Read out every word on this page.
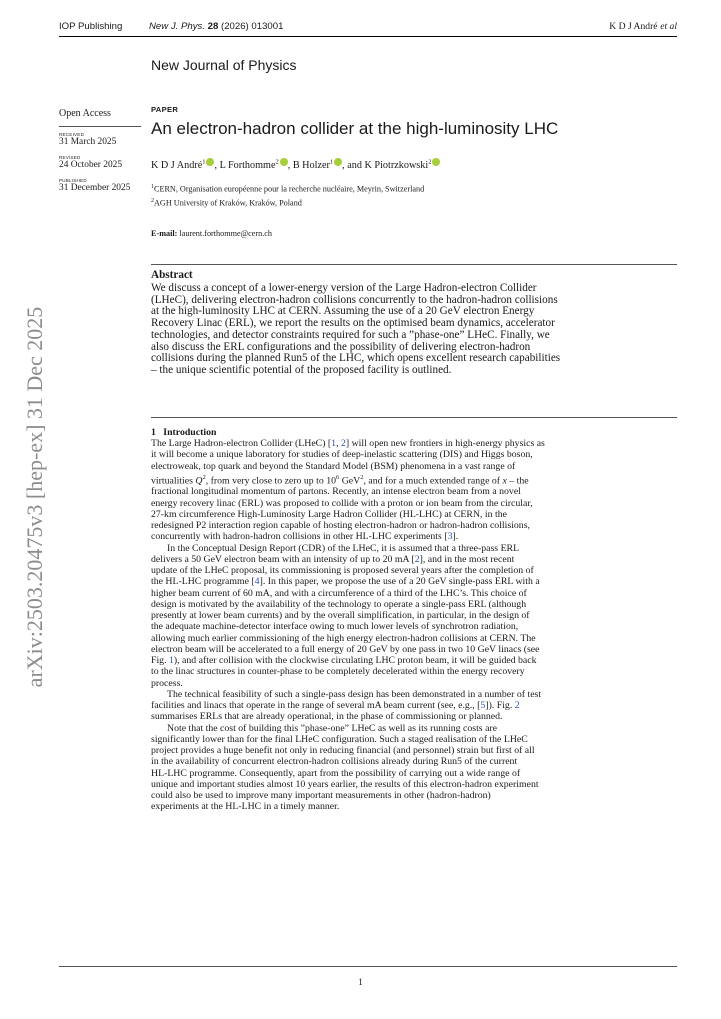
IOP Publishing	New J. Phys. 28 (2026) 013001	K D J André et al
New Journal of Physics
Open Access
RECEIVED
31 March 2025
REVISED
24 October 2025
PUBLISHED
31 December 2025
PAPER
An electron-hadron collider at the high-luminosity LHC
K D J André$^1$ , L Forthomme$^2$ , B Holzer$^1$ , and K Piotrzkowski$^2$
$^1$CERN, Organisation européenne pour la recherche nucléaire, Meyrin, Switzerland
$^2$AGH University of Kraków, Kraków, Poland
E-mail: laurent.forthomme@cern.ch
Abstract
We discuss a concept of a lower-energy version of the Large Hadron-electron Collider
(LHeC), delivering electron-hadron collisions concurrently to the hadron-hadron collisions
at the high-luminosity LHC at CERN. Assuming the use of a 20 GeV electron Energy
Recovery Linac (ERL), we report the results on the optimised beam dynamics, accelerator
technologies, and detector constraints required for such a ”phase-one” LHeC. Finally, we
also discuss the ERL configurations and the possibility of delivering electron-hadron
collisions during the planned Run5 of the LHC, which opens excellent research capabilities
– the unique scientific potential of the proposed facility is outlined.
1 Introduction
The Large Hadron-electron Collider (LHeC) [1, 2] will open new frontiers in high-energy physics as
it will become a unique laboratory for studies of deep-inelastic scattering (DIS) and Higgs boson,
electroweak, top quark and beyond the Standard Model (BSM) phenomena in a vast range of
virtualities $Q^2$, from very close to zero up to $10^6$ GeV$^2$, and for a much extended range of x – the
fractional longitudinal momentum of partons. Recently, an intense electron beam from a novel
energy recovery linac (ERL) was proposed to collide with a proton or ion beam from the circular,
27-km circumference High-Luminosity Large Hadron Collider (HL-LHC) at CERN, in the
redesigned P2 interaction region capable of hosting electron-hadron or hadron-hadron collisions,
concurrently with hadron-hadron collisions in other HL-LHC experiments [3].
In the Conceptual Design Report (CDR) of the LHeC, it is assumed that a three-pass ERL
delivers a 50 GeV electron beam with an intensity of up to 20 mA [2], and in the most recent
update of the LHeC proposal, its commissioning is proposed several years after the completion of
the HL-LHC programme [4]. In this paper, we propose the use of a 20 GeV single-pass ERL with a
higher beam current of 60 mA, and with a circumference of a third of the LHC’s. This choice of
design is motivated by the availability of the technology to operate a single-pass ERL (although
presently at lower beam currents) and by the overall simplification, in particular, in the design of
the adequate machine-detector interface owing to much lower levels of synchrotron radiation,
allowing much earlier commissioning of the high energy electron-hadron collisions at CERN. The
electron beam will be accelerated to a full energy of 20 GeV by one pass in two 10 GeV linacs (see
Fig. 1), and after collision with the clockwise circulating LHC proton beam, it will be guided back
to the linac structures in counter-phase to be completely decelerated within the energy recovery
process.
The technical feasibility of such a single-pass design has been demonstrated in a number of test
facilities and linacs that operate in the range of several mA beam current (see, e.g., [5]). Fig. 2
summarises ERLs that are already operational, in the phase of commissioning or planned.
Note that the cost of building this ”phase-one” LHeC as well as its running costs are
significantly lower than for the final LHeC configuration. Such a staged realisation of the LHeC
project provides a huge benefit not only in reducing financial (and personnel) strain but first of all
in the availability of concurrent electron-hadron collisions already during Run5 of the current
HL-LHC programme. Consequently, apart from the possibility of carrying out a wide range of
unique and important studies almost 10 years earlier, the results of this electron-hadron experiment
could also be used to improve many important measurements in other (hadron-hadron)
experiments at the HL-LHC in a timely manner.
arXiv:2503.20475v3 [hep-ex] 31 Dec 2025
1
